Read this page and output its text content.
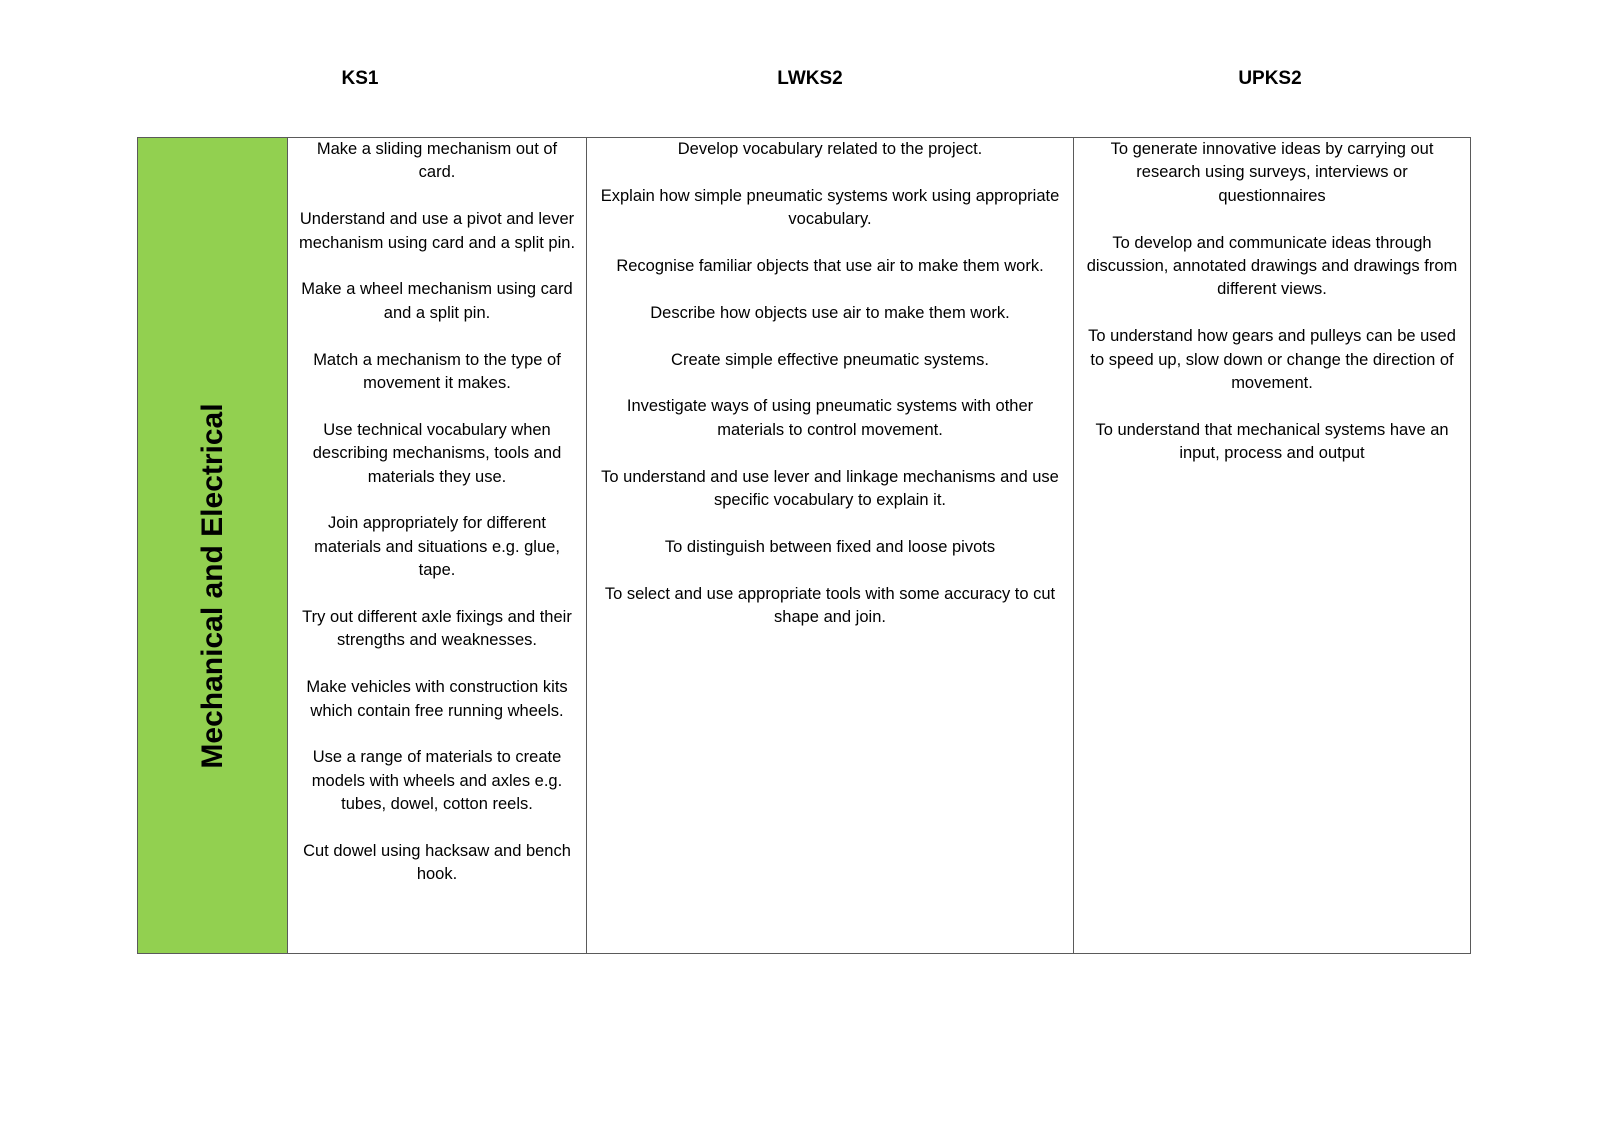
KS1	LWKS2	UPKS2
Mechanical and Electrical
Make a sliding mechanism out of card.
Understand and use a pivot and lever mechanism using card and a split pin.
Make a wheel mechanism using card and a split pin.
Match a mechanism to the type of movement it makes.
Use technical vocabulary when describing mechanisms, tools and materials they use.
Join appropriately for different materials and situations e.g. glue, tape.
Try out different axle fixings and their strengths and weaknesses.
Make vehicles with construction kits which contain free running wheels.
Use a range of materials to create models with wheels and axles e.g. tubes, dowel, cotton reels.
Cut dowel using hacksaw and bench hook.
Develop vocabulary related to the project.
Explain how simple pneumatic systems work using appropriate vocabulary.
Recognise familiar objects that use air to make them work.
Describe how objects use air to make them work.
Create simple effective pneumatic systems.
Investigate ways of using pneumatic systems with other materials to control movement.
To understand and use lever and linkage mechanisms and use specific vocabulary to explain it.
To distinguish between fixed and loose pivots
To select and use appropriate tools with some accuracy to cut shape and join.
To generate innovative ideas by carrying out research using surveys, interviews or questionnaires
To develop and communicate ideas through discussion, annotated drawings and drawings from different views.
To understand how gears and pulleys can be used to speed up, slow down or change the direction of movement.
To understand that mechanical systems have an input, process and output
